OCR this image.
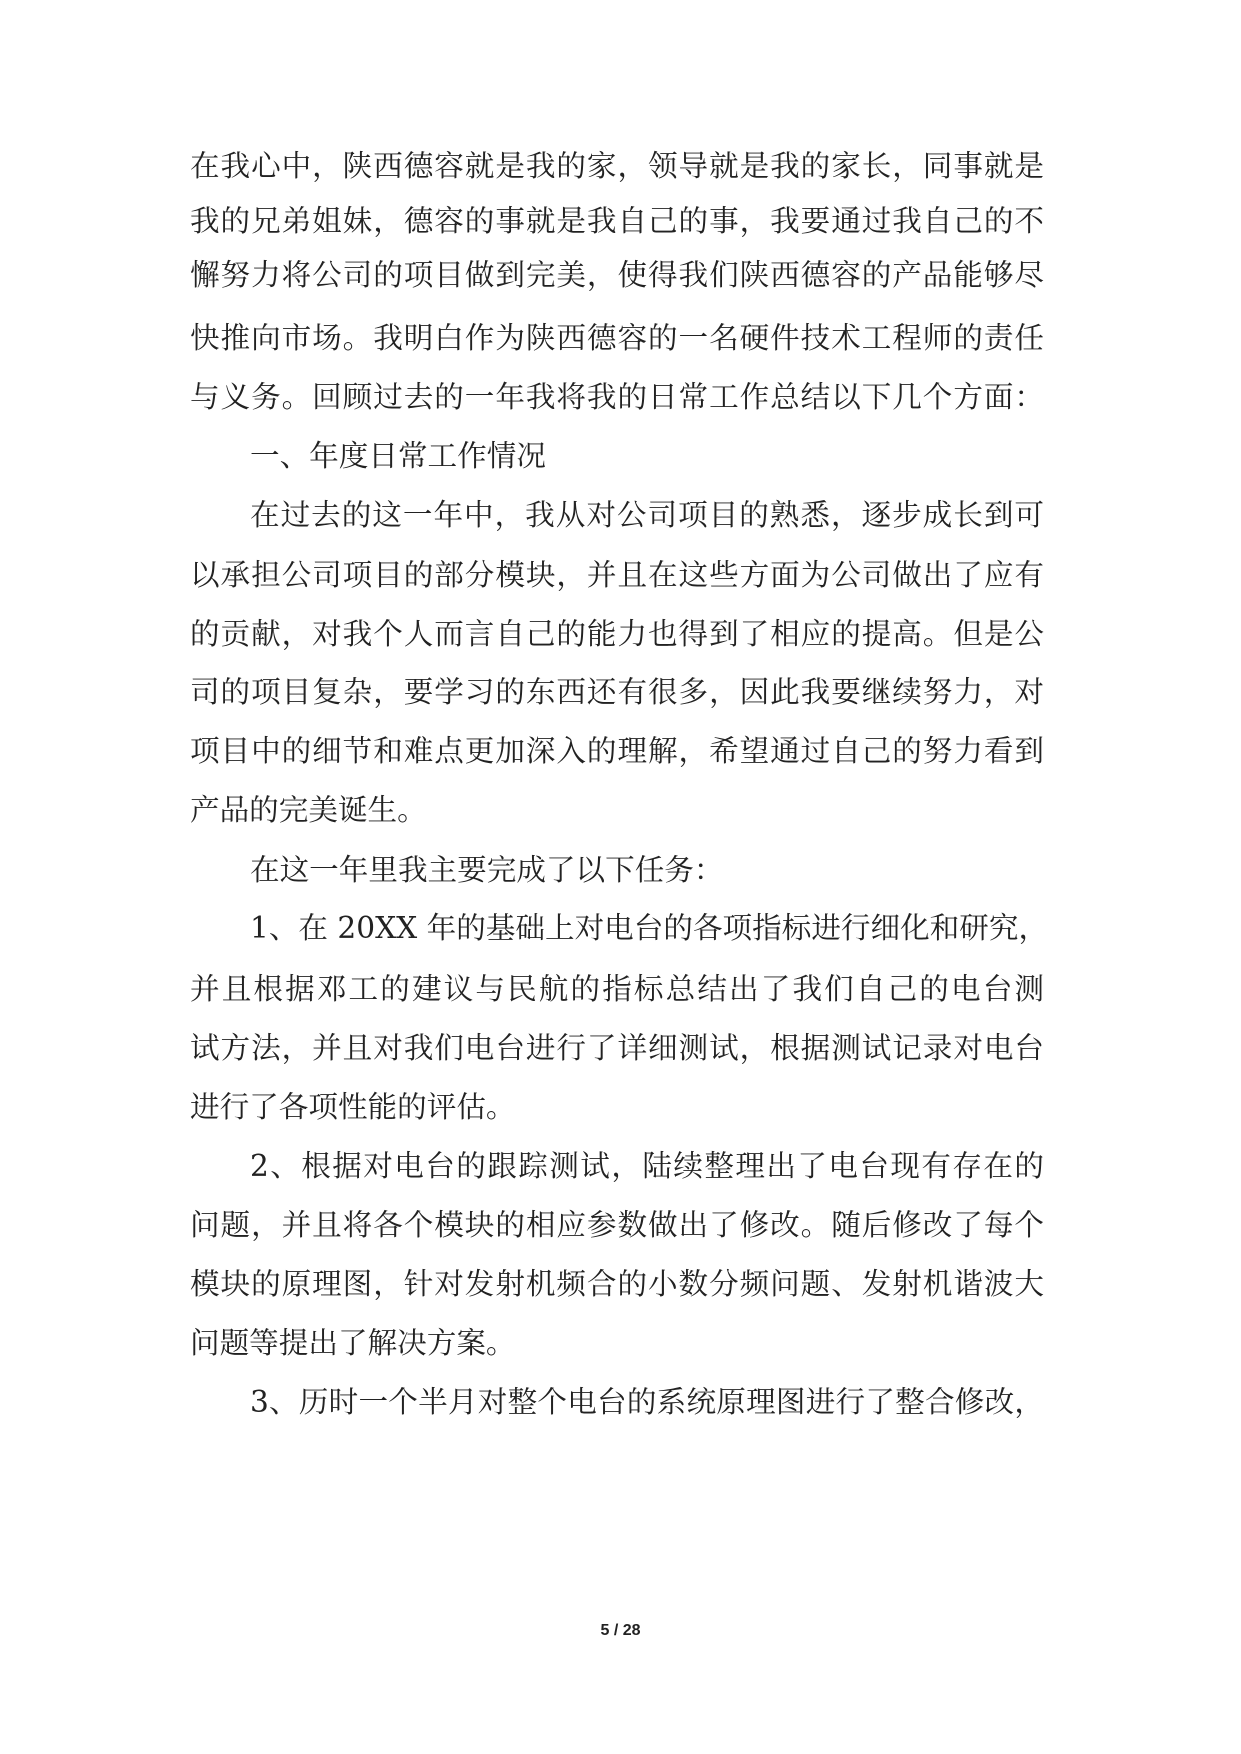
在我心中，陕西德容就是我的家，领导就是我的家长，同事就是
我的兄弟姐妹，德容的事就是我自己的事，我要通过我自己的不
懈努力将公司的项目做到完美，使得我们陕西德容的产品能够尽
快推向市场。我明白作为陕西德容的一名硬件技术工程师的责任
与义务。回顾过去的一年我将我的日常工作总结以下几个方面：
一、年度日常工作情况
在过去的这一年中，我从对公司项目的熟悉，逐步成长到可
以承担公司项目的部分模块，并且在这些方面为公司做出了应有
的贡献，对我个人而言自己的能力也得到了相应的提高。但是公
司的项目复杂，要学习的东西还有很多，因此我要继续努力，对
项目中的细节和难点更加深入的理解，希望通过自己的努力看到
产品的完美诞生。
在这一年里我主要完成了以下任务：
1、在 20XX 年的基础上对电台的各项指标进行细化和研究，
并且根据邓工的建议与民航的指标总结出了我们自己的电台测
试方法，并且对我们电台进行了详细测试，根据测试记录对电台
进行了各项性能的评估。
2、根据对电台的跟踪测试，陆续整理出了电台现有存在的
问题，并且将各个模块的相应参数做出了修改。随后修改了每个
模块的原理图，针对发射机频合的小数分频问题、发射机谐波大
问题等提出了解决方案。
3、历时一个半月对整个电台的系统原理图进行了整合修改，
5 / 28
